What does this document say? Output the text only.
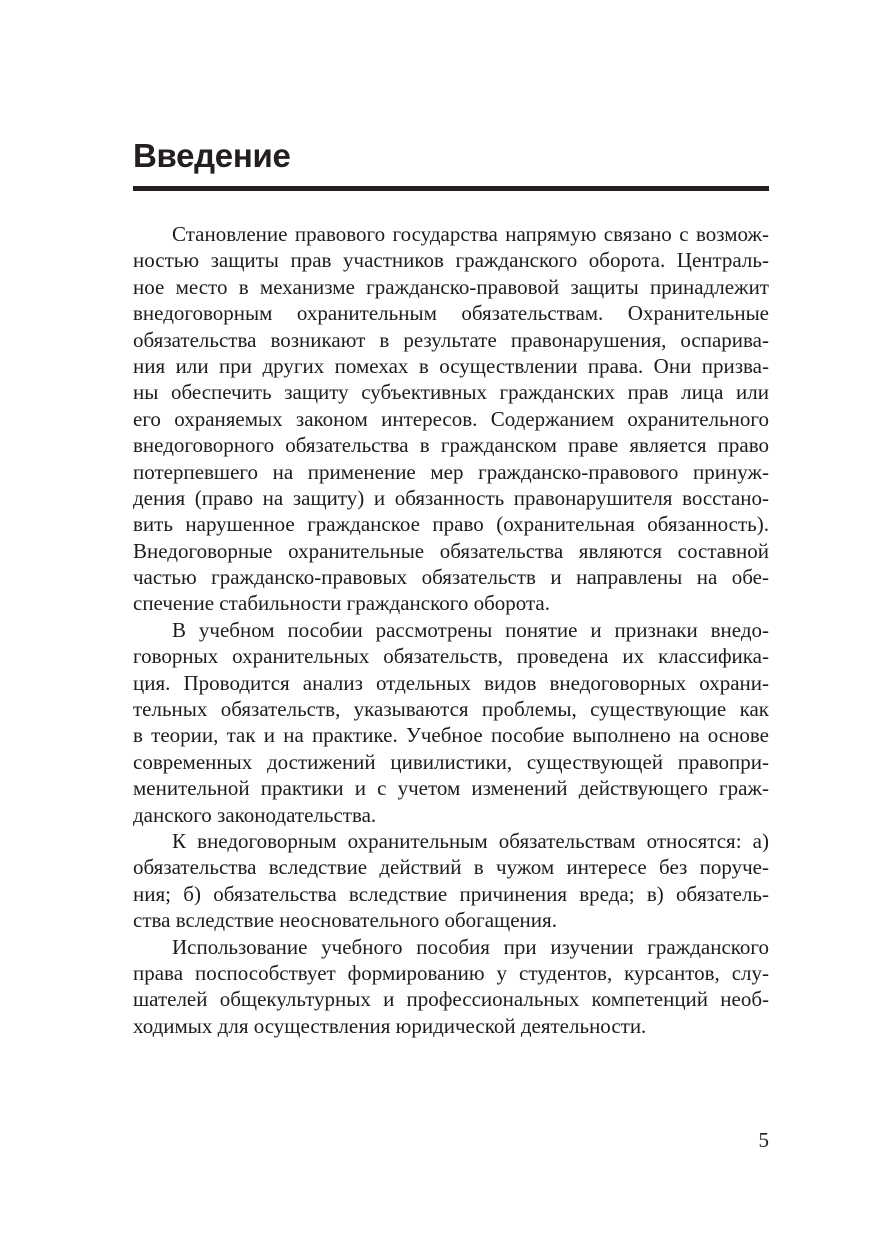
Введение
Становление правового государства напрямую связано с возмож-
ностью защиты прав участников гражданского оборота. Централь-
ное место в механизме гражданско-правовой защиты принадлежит
внедоговорным охранительным обязательствам. Охранительные
обязательства возникают в результате правонарушения, оспарива-
ния или при других помехах в осуществлении права. Они призва-
ны обеспечить защиту субъективных гражданских прав лица или
его охраняемых законом интересов. Содержанием охранительного
внедоговорного обязательства в гражданском праве является право
потерпевшего на применение мер гражданско-правового принуж-
дения (право на защиту) и обязанность правонарушителя восстано-
вить нарушенное гражданское право (охранительная обязанность).
Внедоговорные охранительные обязательства являются составной
частью гражданско-правовых обязательств и направлены на обе-
спечение стабильности гражданского оборота.
В учебном пособии рассмотрены понятие и признаки внедо-
говорных охранительных обязательств, проведена их классифика-
ция. Проводится анализ отдельных видов внедоговорных охрани-
тельных обязательств, указываются проблемы, существующие как
в теории, так и на практике. Учебное пособие выполнено на основе
современных достижений цивилистики, существующей правопри-
менительной практики и с учетом изменений действующего граж-
данского законодательства.
К внедоговорным охранительным обязательствам относятся: а)
обязательства вследствие действий в чужом интересе без поруче-
ния; б) обязательства вследствие причинения вреда; в) обязатель-
ства вследствие неосновательного обогащения.
Использование учебного пособия при изучении гражданского
права поспособствует формированию у студентов, курсантов, слу-
шателей общекультурных и профессиональных компетенций необ-
ходимых для осуществления юридической деятельности.
5
